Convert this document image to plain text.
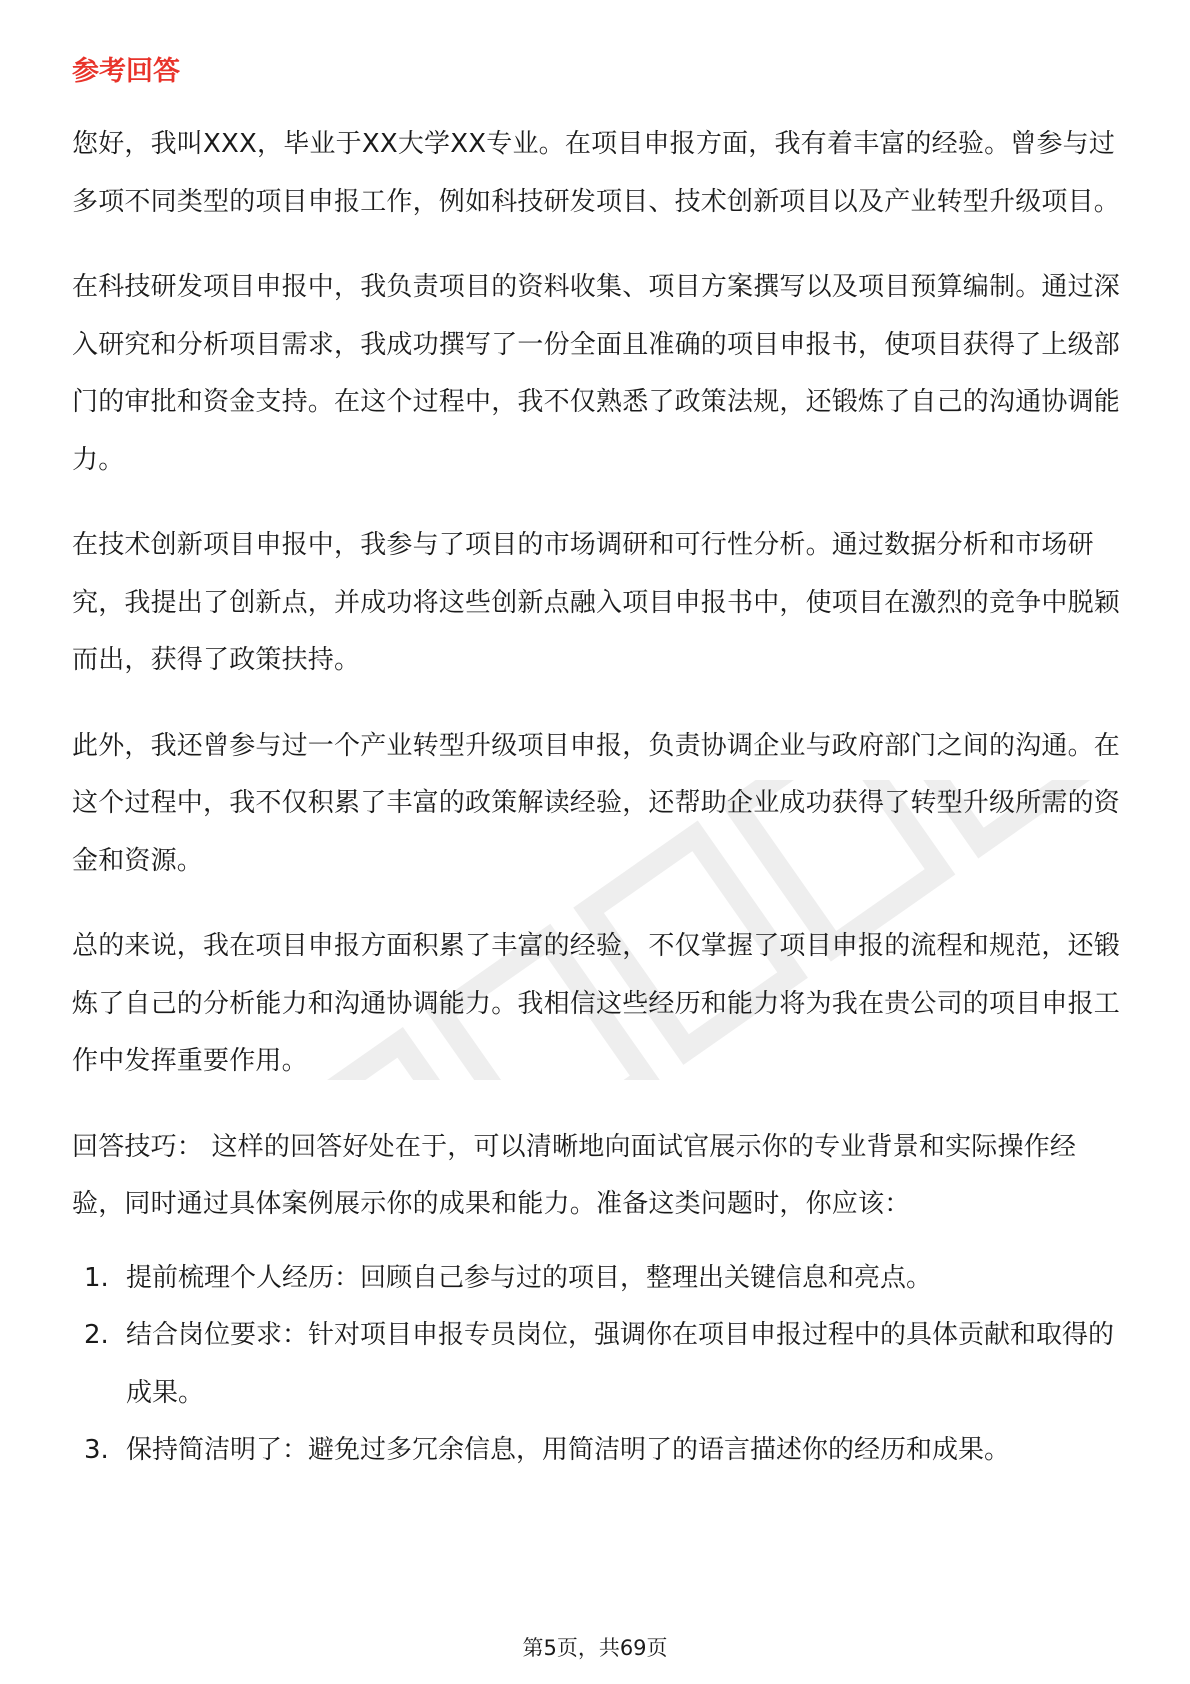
参考回答

您好，我叫XXX，毕业于XX大学XX专业。在项目申报方面，我有着丰富的经验。曾参与过多项不同类型的项目申报工作，例如科技研发项目、技术创新项目以及产业转型升级项目。

在科技研发项目申报中，我负责项目的资料收集、项目方案撰写以及项目预算编制。通过深入研究和分析项目需求，我成功撰写了一份全面且准确的项目申报书，使项目获得了上级部门的审批和资金支持。在这个过程中，我不仅熟悉了政策法规，还锻炼了自己的沟通协调能力。

在技术创新项目申报中，我参与了项目的市场调研和可行性分析。通过数据分析和市场研究，我提出了创新点，并成功将这些创新点融入项目申报书中，使项目在激烈的竞争中脱颖而出，获得了政策扶持。

此外，我还曾参与过一个产业转型升级项目申报，负责协调企业与政府部门之间的沟通。在这个过程中，我不仅积累了丰富的政策解读经验，还帮助企业成功获得了转型升级所需的资金和资源。

总的来说，我在项目申报方面积累了丰富的经验，不仅掌握了项目申报的流程和规范，还锻炼了自己的分析能力和沟通协调能力。我相信这些经历和能力将为我在贵公司的项目申报工作中发挥重要作用。

回答技巧： 这样的回答好处在于，可以清晰地向面试官展示你的专业背景和实际操作经验，同时通过具体案例展示你的成果和能力。准备这类问题时，你应该：

1. 提前梳理个人经历：回顾自己参与过的项目，整理出关键信息和亮点。
2. 结合岗位要求：针对项目申报专员岗位，强调你在项目申报过程中的具体贡献和取得的成果。
3. 保持简洁明了：避免过多冗余信息，用简洁明了的语言描述你的经历和成果。
第5页，共69页
